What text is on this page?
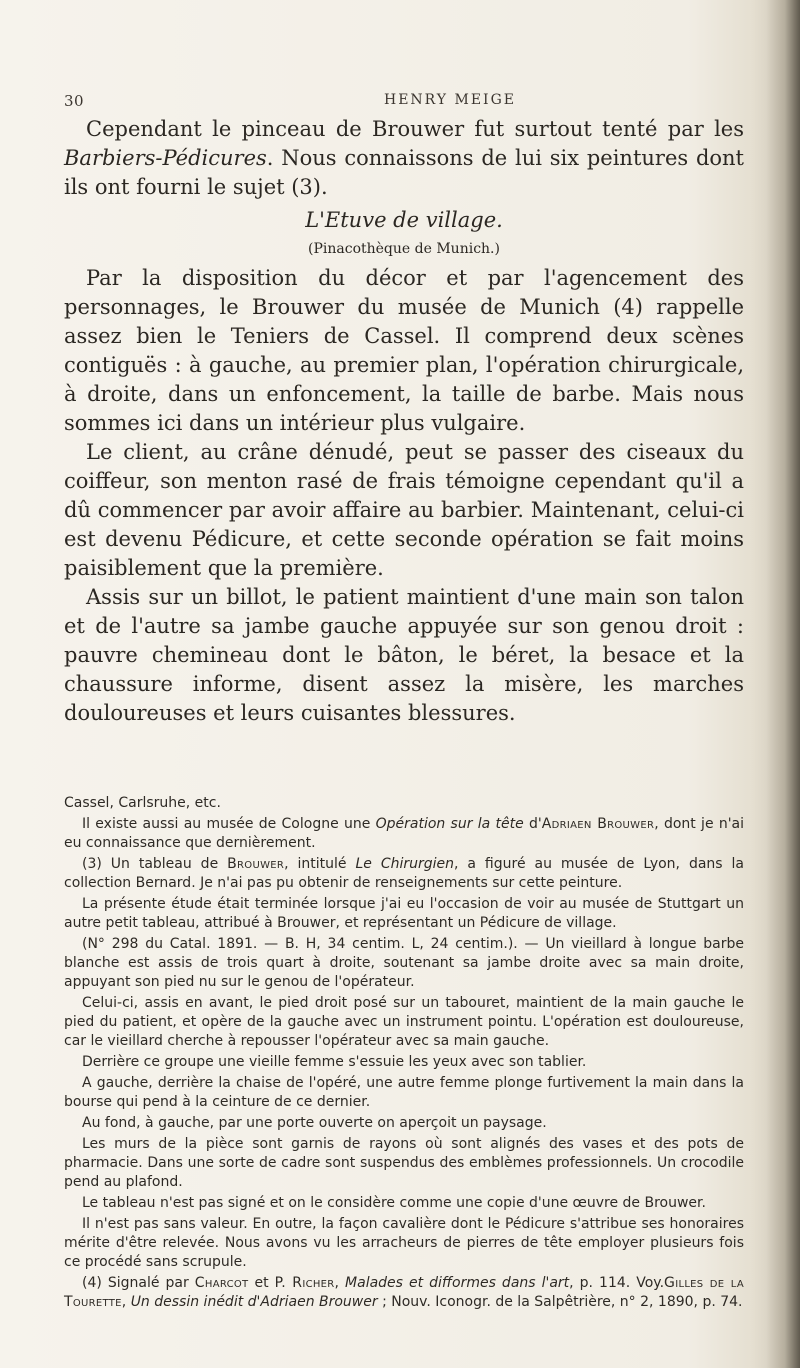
30	HENRY MEIGE

Cependant le pinceau de Brouwer fut surtout tenté par les Barbiers-Pédicures. Nous connaissons de lui six peintures dont ils ont fourni le sujet (3).

L'Etuve de village.

(Pinacothèque de Munich.)

Par la disposition du décor et par l'agencement des personnages, le Brouwer du musée de Munich (4) rappelle assez bien le Teniers de Cassel. Il comprend deux scènes contiguës : à gauche, au premier plan, l'opération chirurgicale, à droite, dans un enfoncement, la taille de barbe. Mais nous sommes ici dans un intérieur plus vulgaire.

Le client, au crâne dénudé, peut se passer des ciseaux du coiffeur, son menton rasé de frais témoigne cependant qu'il a dû commencer par avoir affaire au barbier. Maintenant, celui-ci est devenu Pédicure, et cette seconde opération se fait moins paisiblement que la première.

Assis sur un billot, le patient maintient d'une main son talon et de l'autre sa jambe gauche appuyée sur son genou droit : pauvre chemineau dont le bâton, le béret, la besace et la chaussure informe, disent assez la misère, les marches douloureuses et leurs cuisantes blessures.

Cassel, Carlsruhe, etc.

Il existe aussi au musée de Cologne une Opération sur la tête d'Adriaen Brouwer, dont je n'ai eu connaissance que dernièrement.

(3) Un tableau de Brouwer, intitulé Le Chirurgien, a figuré au musée de Lyon, dans la collection Bernard. Je n'ai pas pu obtenir de renseignements sur cette peinture.

La présente étude était terminée lorsque j'ai eu l'occasion de voir au musée de Stuttgart un autre petit tableau, attribué à Brouwer, et représentant un Pédicure de village.

(N° 298 du Catal. 1891. — B. H, 34 centim. L, 24 centim.). — Un vieillard à longue barbe blanche est assis de trois quart à droite, soutenant sa jambe droite avec sa main droite, appuyant son pied nu sur le genou de l'opérateur.

Celui-ci, assis en avant, le pied droit posé sur un tabouret, maintient de la main gauche le pied du patient, et opère de la gauche avec un instrument pointu. L'opération est douloureuse, car le vieillard cherche à repousser l'opérateur avec sa main gauche.

Derrière ce groupe une vieille femme s'essuie les yeux avec son tablier.

A gauche, derrière la chaise de l'opéré, une autre femme plonge furtivement la main dans la bourse qui pend à la ceinture de ce dernier.

Au fond, à gauche, par une porte ouverte on aperçoit un paysage.

Les murs de la pièce sont garnis de rayons où sont alignés des vases et des pots de pharmacie. Dans une sorte de cadre sont suspendus des emblèmes professionnels. Un crocodile pend au plafond.

Le tableau n'est pas signé et on le considère comme une copie d'une œuvre de Brouwer.

Il n'est pas sans valeur. En outre, la façon cavalière dont le Pédicure s'attribue ses honoraires mérite d'être relevée. Nous avons vu les arracheurs de pierres de tête employer plusieurs fois ce procédé sans scrupule.

(4) Signalé par Charcot et P. Richer, Malades et difformes dans l'art, p. 114. Voy.Gilles de la Tourette, Un dessin inédit d'Adriaen Brouwer ; Nouv. Iconogr. de la Salpêtrière, n° 2, 1890, p. 74.
